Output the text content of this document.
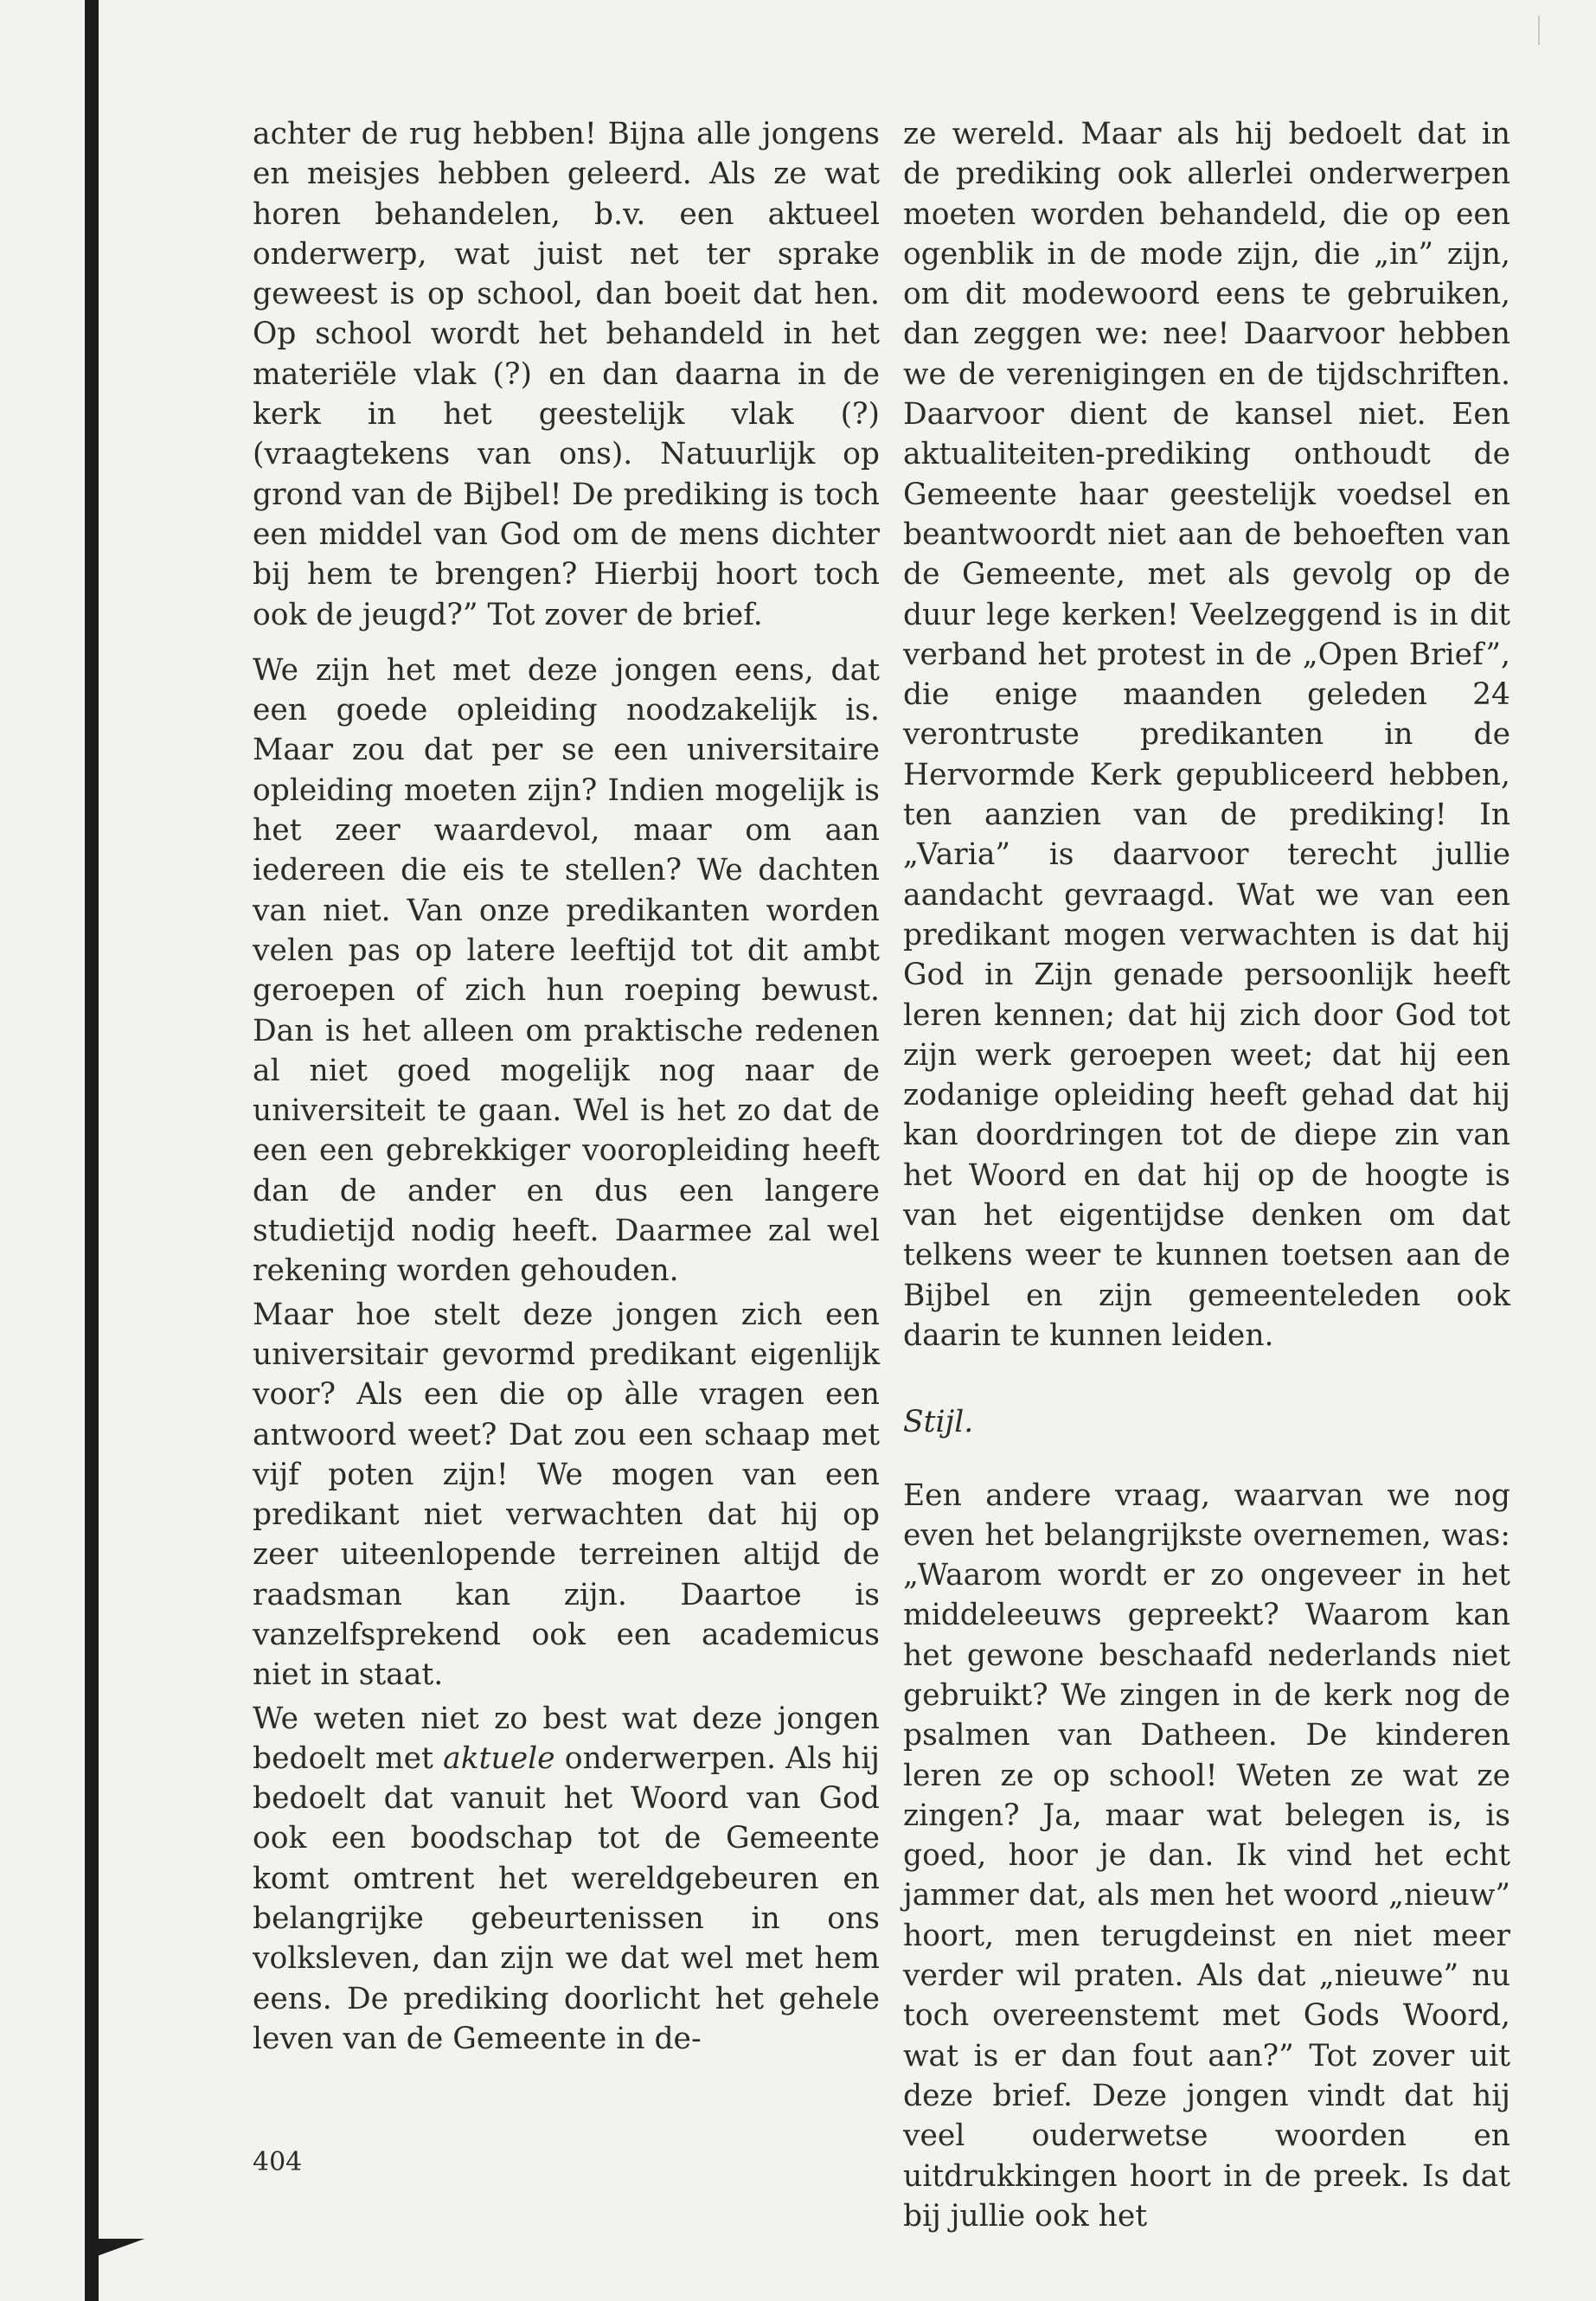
achter de rug hebben! Bijna alle jongens en meisjes hebben geleerd. Als ze wat horen behandelen, b.v. een aktueel onderwerp, wat juist net ter sprake geweest is op school, dan boeit dat hen. Op school wordt het behandeld in het materiële vlak (?) en dan daarna in de kerk in het geestelijk vlak (?) (vraagtekens van ons). Natuurlijk op grond van de Bijbel! De prediking is toch een middel van God om de mens dichter bij hem te brengen? Hierbij hoort toch ook de jeugd?” Tot zover de brief.

We zijn het met deze jongen eens, dat een goede opleiding noodzakelijk is. Maar zou dat per se een universitaire opleiding moeten zijn? Indien mogelijk is het zeer waardevol, maar om aan iedereen die eis te stellen? We dachten van niet. Van onze predikanten worden velen pas op latere leeftijd tot dit ambt geroepen of zich hun roeping bewust. Dan is het alleen om praktische redenen al niet goed mogelijk nog naar de universiteit te gaan. Wel is het zo dat de een een gebrekkiger vooropleiding heeft dan de ander en dus een langere studietijd nodig heeft. Daarmee zal wel rekening worden gehouden.

Maar hoe stelt deze jongen zich een universitair gevormd predikant eigenlijk voor? Als een die op àlle vragen een antwoord weet? Dat zou een schaap met vijf poten zijn! We mogen van een predikant niet verwachten dat hij op zeer uiteenlopende terreinen altijd de raadsman kan zijn. Daartoe is vanzelfsprekend ook een academicus niet in staat.

We weten niet zo best wat deze jongen bedoelt met aktuele onderwerpen. Als hij bedoelt dat vanuit het Woord van God ook een boodschap tot de Gemeente komt omtrent het wereldgebeuren en belangrijke gebeurtenissen in ons volksleven, dan zijn we dat wel met hem eens. De prediking doorlicht het gehele leven van de Gemeente in de-

ze wereld. Maar als hij bedoelt dat in de prediking ook allerlei onderwerpen moeten worden behandeld, die op een ogenblik in de mode zijn, die „in” zijn, om dit modewoord eens te gebruiken, dan zeggen we: nee! Daarvoor hebben we de verenigingen en de tijdschriften. Daarvoor dient de kansel niet. Een aktualiteiten-prediking onthoudt de Gemeente haar geestelijk voedsel en beantwoordt niet aan de behoeften van de Gemeente, met als gevolg op de duur lege kerken! Veelzeggend is in dit verband het protest in de „Open Brief”, die enige maanden geleden 24 verontruste predikanten in de Hervormde Kerk gepubliceerd hebben, ten aanzien van de prediking! In „Varia” is daarvoor terecht jullie aandacht gevraagd. Wat we van een predikant mogen verwachten is dat hij God in Zijn genade persoonlijk heeft leren kennen; dat hij zich door God tot zijn werk geroepen weet; dat hij een zodanige opleiding heeft gehad dat hij kan doordringen tot de diepe zin van het Woord en dat hij op de hoogte is van het eigentijdse denken om dat telkens weer te kunnen toetsen aan de Bijbel en zijn gemeenteleden ook daarin te kunnen leiden.

Stijl.

Een andere vraag, waarvan we nog even het belangrijkste overnemen, was: „Waarom wordt er zo ongeveer in het middeleeuws gepreekt? Waarom kan het gewone beschaafd nederlands niet gebruikt? We zingen in de kerk nog de psalmen van Datheen. De kinderen leren ze op school! Weten ze wat ze zingen? Ja, maar wat belegen is, is goed, hoor je dan. Ik vind het echt jammer dat, als men het woord „nieuw” hoort, men terugdeinst en niet meer verder wil praten. Als dat „nieuwe” nu toch overeenstemt met Gods Woord, wat is er dan fout aan?” Tot zover uit deze brief. Deze jongen vindt dat hij veel ouderwetse woorden en uitdrukkingen hoort in de preek. Is dat bij jullie ook het

404
